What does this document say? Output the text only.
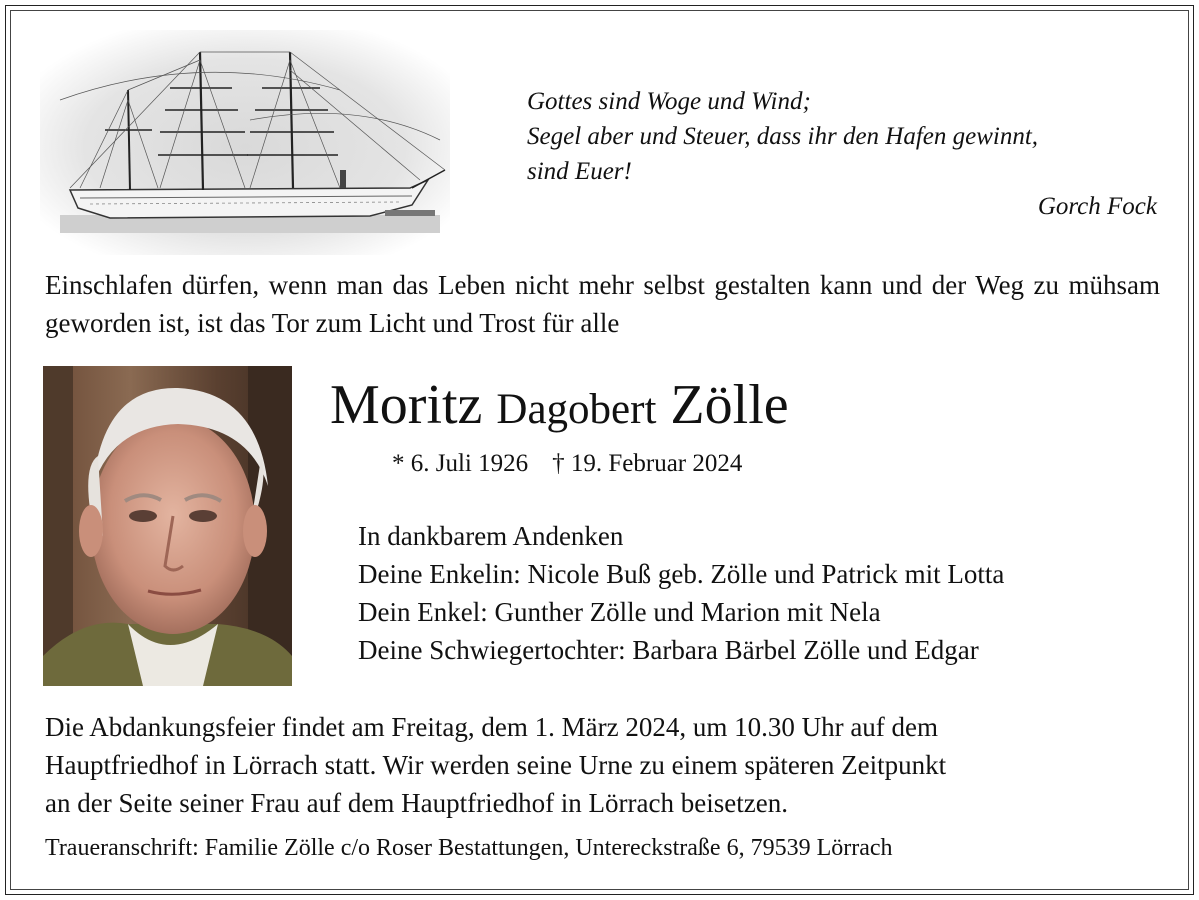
Gottes sind Woge und Wind;
Segel aber und Steuer, dass ihr den Hafen gewinnt,
sind Euer!
Gorch Fock
Einschlafen dürfen, wenn man das Leben nicht mehr selbst gestalten kann und der Weg zu mühsam geworden ist, ist das Tor zum Licht und Trost für alle
Moritz Dagobert Zölle
* 6. Juli 1926 † 19. Februar 2024
In dankbarem Andenken
Deine Enkelin: Nicole Buß geb. Zölle und Patrick mit Lotta
Dein Enkel: Gunther Zölle und Marion mit Nela
Deine Schwiegertochter: Barbara Bärbel Zölle und Edgar
Die Abdankungsfeier findet am Freitag, dem 1. März 2024, um 10.30 Uhr auf dem
Hauptfriedhof in Lörrach statt. Wir werden seine Urne zu einem späteren Zeitpunkt
an der Seite seiner Frau auf dem Hauptfriedhof in Lörrach beisetzen.
Traueranschrift: Familie Zölle c/o Roser Bestattungen, Untereckstraße 6, 79539 Lörrach
